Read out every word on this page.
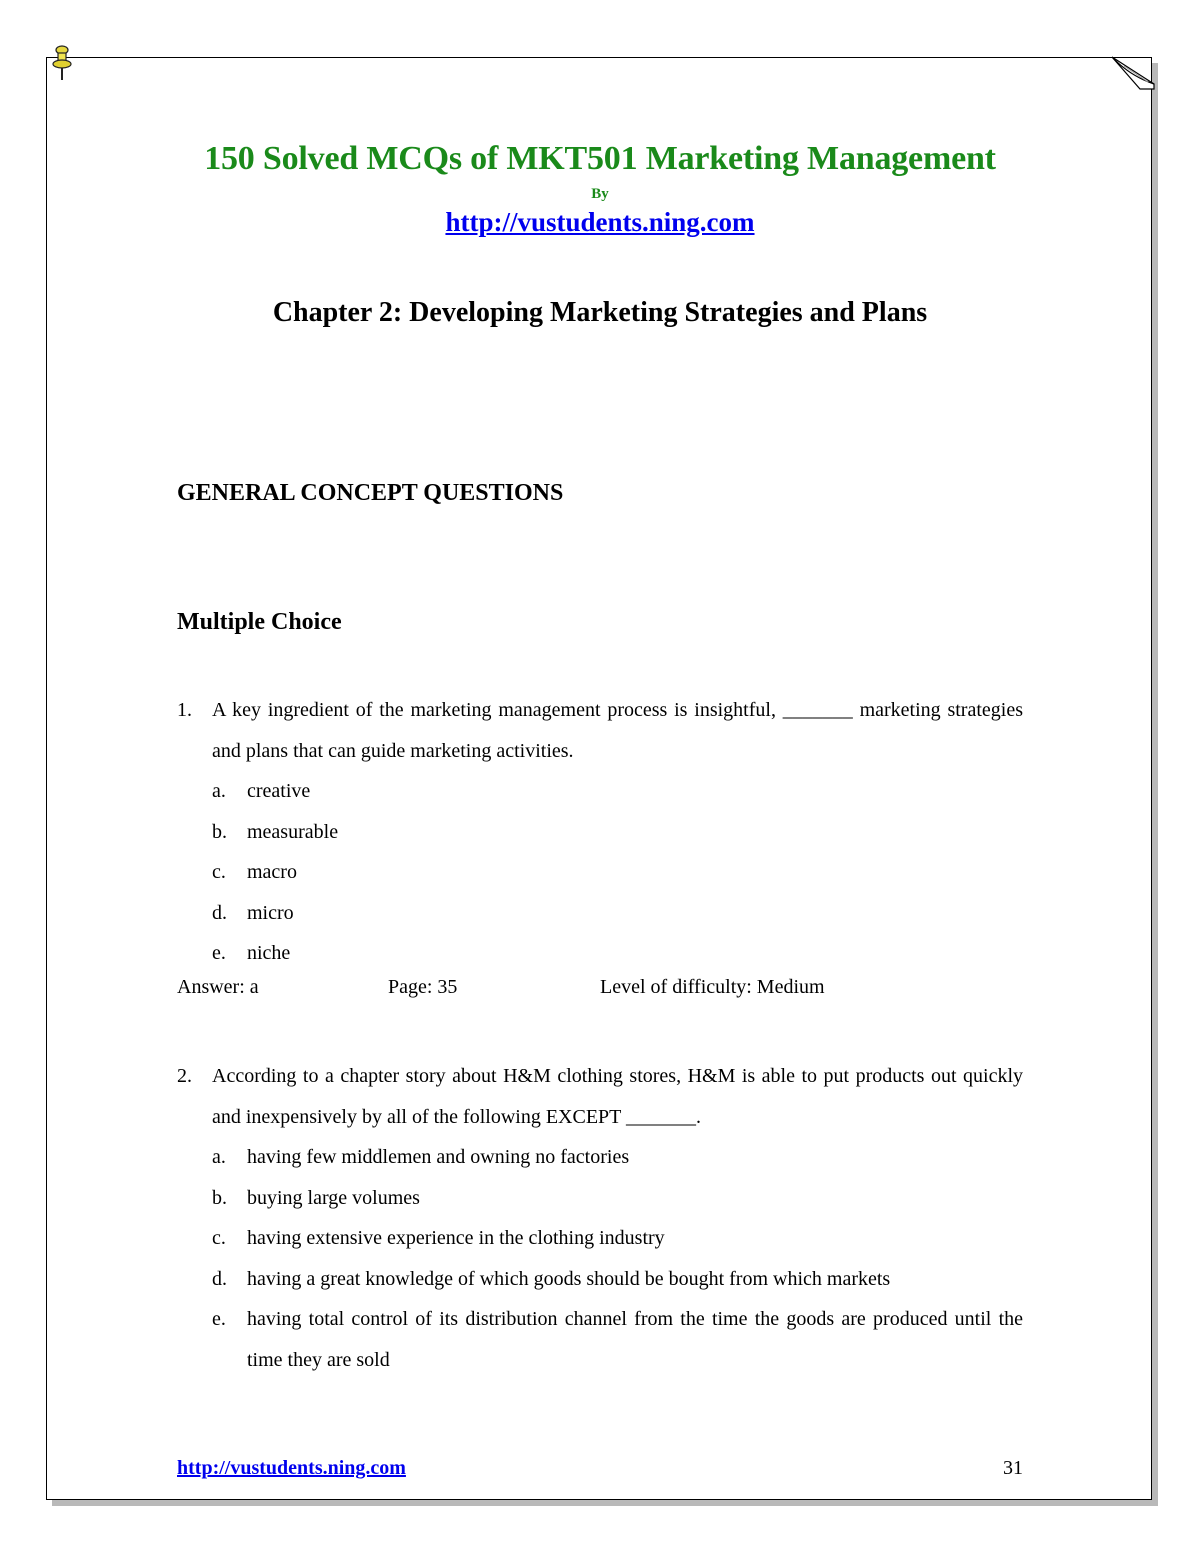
150 Solved MCQs of MKT501 Marketing Management
By
http://vustudents.ning.com
Chapter 2: Developing Marketing Strategies and Plans
GENERAL CONCEPT QUESTIONS
Multiple Choice
1. A key ingredient of the marketing management process is insightful, _______ marketing strategies and plans that can guide marketing activities.
a. creative
b. measurable
c. macro
d. micro
e. niche
Answer: a	Page: 35	Level of difficulty: Medium
2. According to a chapter story about H&M clothing stores, H&M is able to put products out quickly and inexpensively by all of the following EXCEPT _______.
a. having few middlemen and owning no factories
b. buying large volumes
c. having extensive experience in the clothing industry
d. having a great knowledge of which goods should be bought from which markets
e. having total control of its distribution channel from the time the goods are produced until the time they are sold
http://vustudents.ning.com	31
